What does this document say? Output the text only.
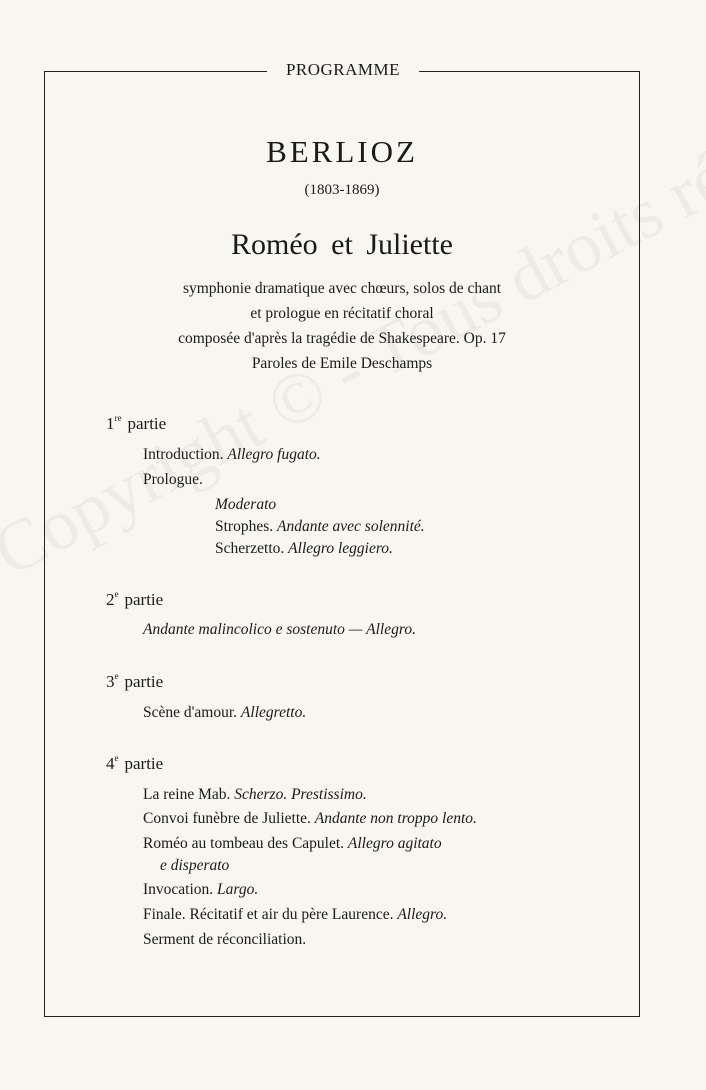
PROGRAMME
BERLIOZ
(1803-1869)
Roméo et Juliette
symphonie dramatique avec chœurs, solos de chant
et prologue en récitatif choral
composée d'après la tragédie de Shakespeare. Op. 17
Paroles de Emile Deschamps
1re partie
Introduction. Allegro fugato.
Prologue.
Moderato
Strophes. Andante avec solennité.
Scherzetto. Allegro leggiero.
2e partie
Andante malincolico e sostenuto — Allegro.
3e partie
Scène d'amour. Allegretto.
4e partie
La reine Mab. Scherzo. Prestissimo.
Convoi funèbre de Juliette. Andante non troppo lento.
Roméo au tombeau des Capulet. Allegro agitato
e disperato
Invocation. Largo.
Finale. Récitatif et air du père Laurence. Allegro.
Serment de réconciliation.
